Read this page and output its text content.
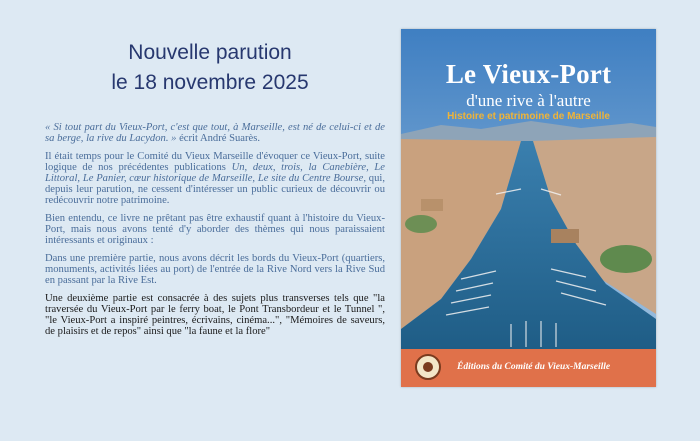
Nouvelle parution
le 18 novembre 2025

« Si tout part du Vieux-Port, c'est que tout, à Marseille, est né de celui-ci et de sa berge, la rive du Lacydon. » écrit André Suarès.

Il était temps pour le Comité du Vieux Marseille d'évoquer ce Vieux-Port, suite logique de nos précédentes publications Un, deux, trois, la Canebière, Le Littoral, Le Panier, cœur historique de Marseille, Le site du Centre Bourse, qui, depuis leur parution, ne cessent d'intéresser un public curieux de découvrir ou redécouvrir notre patrimoine.

Bien entendu, ce livre ne prêtant pas être exhaustif quant à l'histoire du Vieux-Port, mais nous avons tenté d'y aborder des thèmes qui nous paraissaient intéressants et originaux :

Dans une première partie, nous avons décrit les bords du Vieux-Port (quartiers, monuments, activités liées au port) de l'entrée de la Rive Nord vers la Rive Sud en passant par la Rive Est.

Une deuxième partie est consacrée à des sujets plus transverses tels que "la traversée du Vieux-Port par le ferry boat, le Pont Transbordeur et le Tunnel ", "le Vieux-Port a inspiré peintres, écrivains, cinéma...", "Mémoires de saveurs, de plaisirs et de repos" ainsi que "la faune et la flore"

Le Vieux-Port
d'une rive à l'autre
Histoire et patrimoine de Marseille
Éditions du Comité du Vieux-Marseille
